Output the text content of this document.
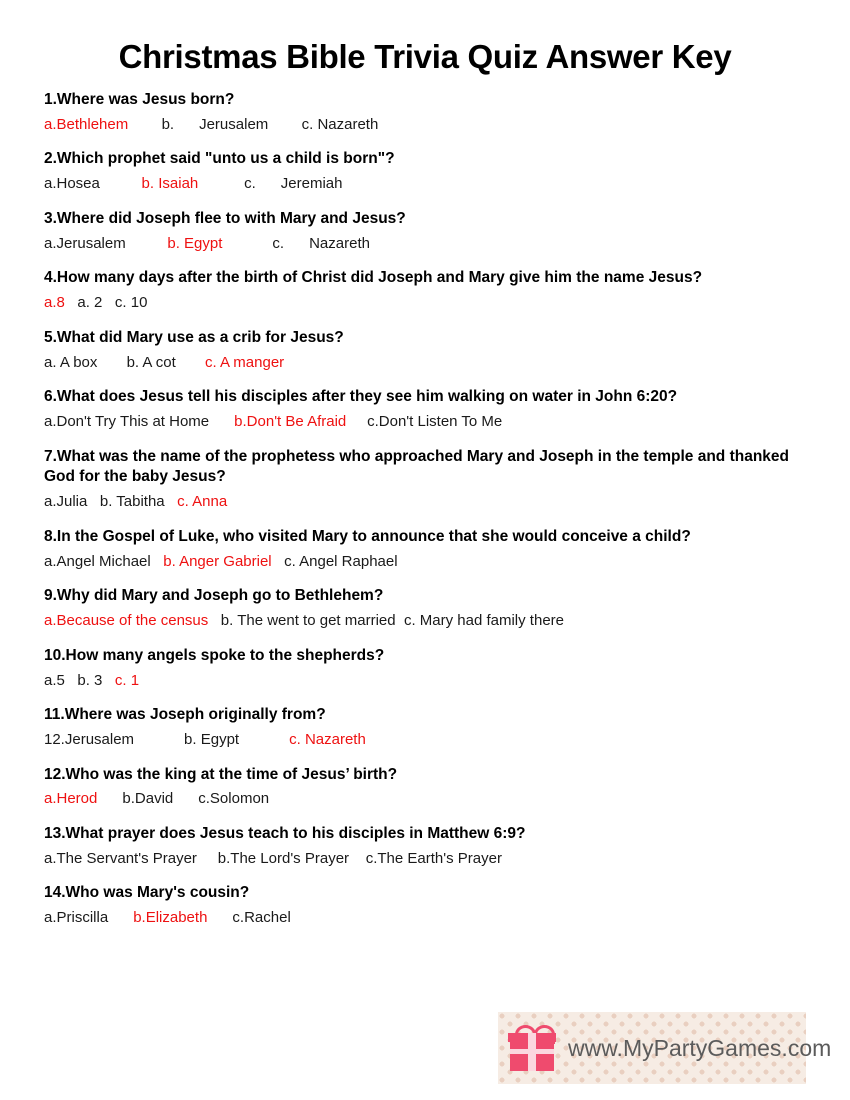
Christmas Bible Trivia Quiz Answer Key
1.Where was Jesus born?
a.Bethlehem        b.      Jerusalem        c. Nazareth
2.Which prophet said "unto us a child is born"?
a.Hosea          b. Isaiah           c.      Jeremiah
3.Where did Joseph flee to with Mary and Jesus?
a.Jerusalem          b. Egypt            c.      Nazareth
4.How many days after the birth of Christ did Joseph and Mary give him the name Jesus?
a.8   a. 2   c. 10
5.What did Mary use as a crib for Jesus?
a. A box       b. A cot       c. A manger
6.What does Jesus tell his disciples after they see him walking on water in John 6:20?
a.Don't Try This at Home      b.Don't Be Afraid     c.Don't Listen To Me
7.What was the name of the prophetess who approached Mary and Joseph in the temple and thanked God for the baby Jesus?
a.Julia   b. Tabitha   c. Anna
8.In the Gospel of Luke, who visited Mary to announce that she would conceive a child?
a.Angel Michael   b. Anger Gabriel   c. Angel Raphael
9.Why did Mary and Joseph go to Bethlehem?
a.Because of the census   b. The went to get married  c. Mary had family there
10.How many angels spoke to the shepherds?
a.5   b. 3   c. 1
11.Where was Joseph originally from?
12.Jerusalem            b. Egypt            c. Nazareth
12.Who was the king at the time of Jesus’ birth?
a.Herod      b.David      c.Solomon
13.What prayer does Jesus teach to his disciples in Matthew 6:9?
a.The Servant's Prayer     b.The Lord's Prayer    c.The Earth's Prayer
14.Who was Mary's cousin?
a.Priscilla      b.Elizabeth      c.Rachel
www.MyPartyGames.com
